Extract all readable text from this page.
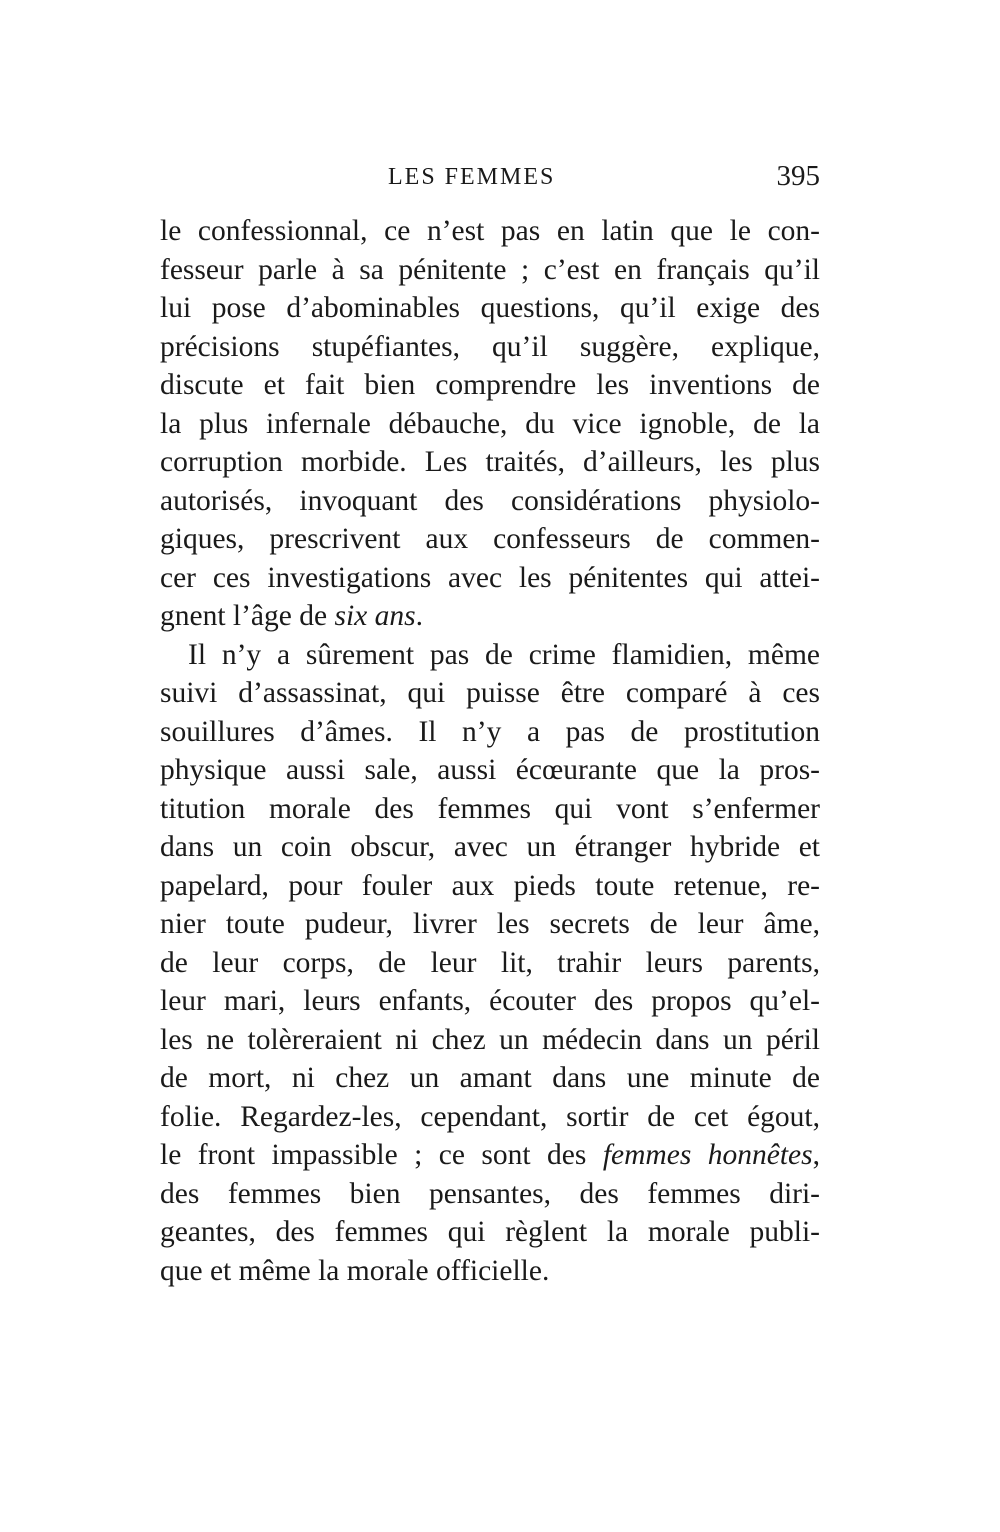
LES FEMMES	395
le confessionnal, ce n’est pas en latin que le con-
fesseur parle à sa pénitente ; c’est en français qu’il
lui pose d’abominables questions, qu’il exige des
précisions stupéfiantes, qu’il suggère, explique,
discute et fait bien comprendre les inventions de
la plus infernale débauche, du vice ignoble, de la
corruption morbide. Les traités, d’ailleurs, les plus
autorisés, invoquant des considérations physiolo-
giques, prescrivent aux confesseurs de commen-
cer ces investigations avec les pénitentes qui attei-
gnent l’âge de six ans.
Il n’y a sûrement pas de crime flamidien, même
suivi d’assassinat, qui puisse être comparé à ces
souillures d’âmes. Il n’y a pas de prostitution
physique aussi sale, aussi écœurante que la pros-
titution morale des femmes qui vont s’enfermer
dans un coin obscur, avec un étranger hybride et
papelard, pour fouler aux pieds toute retenue, re-
nier toute pudeur, livrer les secrets de leur âme,
de leur corps, de leur lit, trahir leurs parents,
leur mari, leurs enfants, écouter des propos qu’el-
les ne tolèreraient ni chez un médecin dans un péril
de mort, ni chez un amant dans une minute de
folie. Regardez-les, cependant, sortir de cet égout,
le front impassible ; ce sont des femmes honnêtes,
des femmes bien pensantes, des femmes diri-
geantes, des femmes qui règlent la morale publi-
que et même la morale officielle.
